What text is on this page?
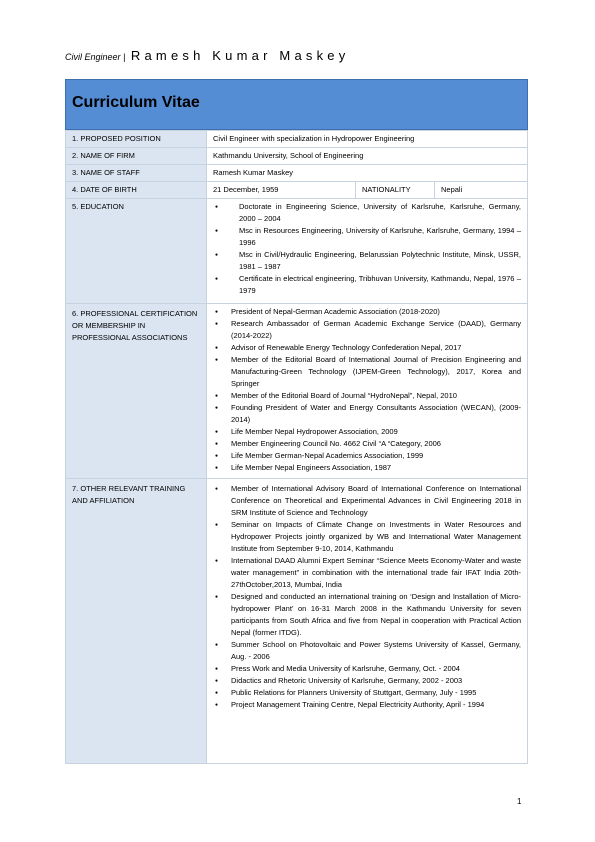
Civil Engineer | Ramesh Kumar Maskey
Curriculum Vitae
1. PROPOSED POSITION	Civil Engineer with specialization in Hydropower Engineering
2. NAME OF FIRM	Kathmandu University, School of Engineering
3. NAME OF STAFF	Ramesh Kumar Maskey
4. DATE OF BIRTH		21 December, 1959	NATIONALITY	Nepali

5. EDUCATION	
●Doctorate in Engineering Science, University of Karlsruhe, Karlsruhe, Germany, 2000 – 2004
● Msc in Resources Engineering, University of Karlsruhe, Karlsruhe, Germany, 1994 – 1996
● Msc in Civil/Hydraulic Engineering, Belarussian Polytechnic Institute, Minsk, USSR, 1981 – 1987
● Certificate in electrical engineering, Tribhuvan University, Kathmandu, Nepal, 1976 – 1979

6. PROFESSIONAL CERTIFICATION OR MEMBERSHIP IN PROFESSIONAL ASSOCIATIONS	
● President of Nepal-German Academic Association (2018-2020)
● Research Ambassador of German Academic Exchange Service (DAAD), Germany (2014-2022)
● Advisor of Renewable Energy Technology Confederation Nepal, 2017
● Member of the Editorial Board of International Journal of Precision Engineering and Manufacturing-Green Technology (IJPEM-Green Technology), 2017, Korea and Springer
● Member of the Editorial Board of Journal “HydroNepal”, Nepal, 2010
● Founding President of Water and Energy Consultants Association (WECAN), (2009-2014)
● Life Member Nepal Hydropower Association, 2009
● Member Engineering Council No. 4662 Civil “A “Category, 2006
● Life Member German-Nepal Academics Association, 1999
● Life Member Nepal Engineers Association, 1987

7. OTHER RELEVANT TRAINING AND AFFILIATION	
● Member of International Advisory Board of International Conference on International Conference on Theoretical and Experimental Advances in Civil Engineering 2018 in SRM Institute of Science and Technology
● Seminar on Impacts of Climate Change on Investments in Water Resources and Hydropower Projects jointly organized by WB and International Water Management Institute from September 9-10, 2014, Kathmandu
● International DAAD Alumni Expert Seminar “Science Meets Economy-Water and waste water management” in combination with the international trade fair IFAT India 20th-27thOctober,2013, Mumbai, India
● Designed and conducted an international training on ‘Design and Installation of Micro-hydropower Plant’ on 16-31 March 2008 in the Kathmandu University for seven participants from South Africa and five from Nepal in cooperation with Practical Action Nepal (former ITDG).
● Summer School on Photovoltaic and Power Systems University of Kassel, Germany, Aug. - 2006
● Press Work and Media University of Karlsruhe, Germany, Oct. - 2004
● Didactics and Rhetoric University of Karlsruhe, Germany, 2002 - 2003
● Public Relations for Planners University of Stuttgart, Germany, July - 1995
● Project Management Training Centre, Nepal Electricity Authority, April - 1994
1
